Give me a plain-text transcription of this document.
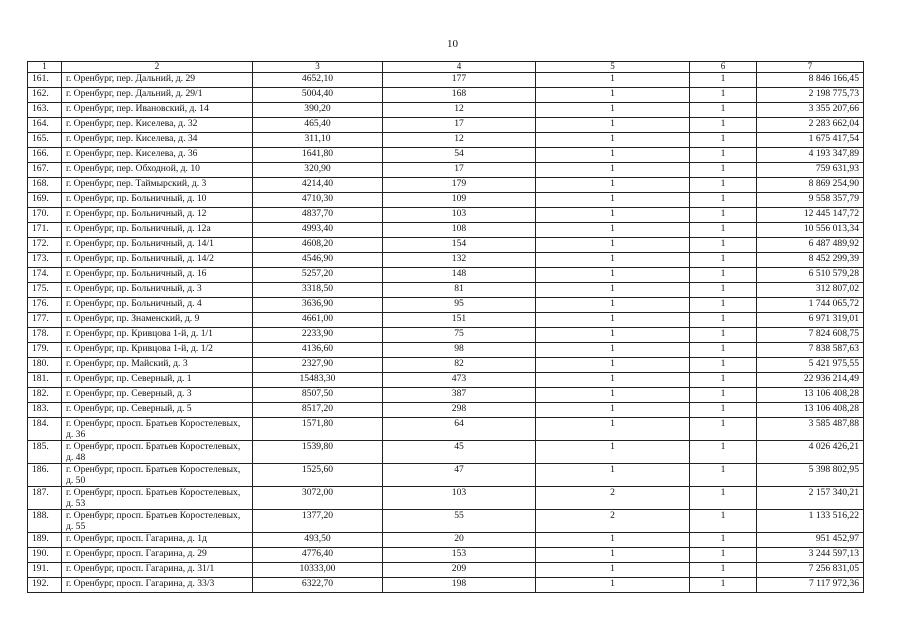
10
1	2	3	4	5	6	7
161.	г. Оренбург, пер. Дальний, д. 29	4652,10	177	1	1	8 846 166,45
162.	г. Оренбург, пер. Дальний, д. 29/1	5004,40	168	1	1	2 198 775,73
163.	г. Оренбург, пер. Ивановский, д. 14	390,20	12	1	1	3 355 207,66
164.	г. Оренбург, пер. Киселева, д. 32	465,40	17	1	1	2 283 662,04
165.	г. Оренбург, пер. Киселева, д. 34	311,10	12	1	1	1 675 417,54
166.	г. Оренбург, пер. Киселева, д. 36	1641,80	54	1	1	4 193 347,89
167.	г. Оренбург, пер. Обходной, д. 10	320,90	17	1	1	759 631,93
168.	г. Оренбург, пер. Таймырский, д. 3	4214,40	179	1	1	8 869 254,90
169.	г. Оренбург, пр. Больничный, д. 10	4710,30	109	1	1	9 558 357,79
170.	г. Оренбург, пр. Больничный, д. 12	4837,70	103	1	1	12 445 147,72
171.	г. Оренбург, пр. Больничный, д. 12а	4993,40	108	1	1	10 556 013,34
172.	г. Оренбург, пр. Больничный, д. 14/1	4608,20	154	1	1	6 487 489,92
173.	г. Оренбург, пр. Больничный, д. 14/2	4546,90	132	1	1	8 452 299,39
174.	г. Оренбург, пр. Больничный, д. 16	5257,20	148	1	1	6 510 579,28
175.	г. Оренбург, пр. Больничный, д. 3	3318,50	81	1	1	312 807,02
176.	г. Оренбург, пр. Больничный, д. 4	3636,90	95	1	1	1 744 065,72
177.	г. Оренбург, пр. Знаменский, д. 9	4661,00	151	1	1	6 971 319,01
178.	г. Оренбург, пр. Кривцова 1-й, д. 1/1	2233,90	75	1	1	7 824 608,75
179.	г. Оренбург, пр. Кривцова 1-й, д. 1/2	4136,60	98	1	1	7 838 587,63
180.	г. Оренбург, пр. Майский, д. 3	2327,90	82	1	1	5 421 975,55
181.	г. Оренбург, пр. Северный, д. 1	15483,30	473	1	1	22 936 214,49
182.	г. Оренбург, пр. Северный, д. 3	8507,50	387	1	1	13 106 408,28
183.	г. Оренбург, пр. Северный, д. 5	8517,20	298	1	1	13 106 408,28
184.	г. Оренбург, просп. Братьев Коростелевых, д. 36	1571,80	64	1	1	3 585 487,88
185.	г. Оренбург, просп. Братьев Коростелевых, д. 48	1539,80	45	1	1	4 026 426,21
186.	г. Оренбург, просп. Братьев Коростелевых, д. 50	1525,60	47	1	1	5 398 802,95
187.	г. Оренбург, просп. Братьев Коростелевых, д. 53	3072,00	103	2	1	2 157 340,21
188.	г. Оренбург, просп. Братьев Коростелевых, д. 55	1377,20	55	2	1	1 133 516,22
189.	г. Оренбург, просп. Гагарина, д. 1д	493,50	20	1	1	951 452,97
190.	г. Оренбург, просп. Гагарина, д. 29	4776,40	153	1	1	3 244 597,13
191.	г. Оренбург, просп. Гагарина, д. 31/1	10333,00	209	1	1	7 256 831,05
192.	г. Оренбург, просп. Гагарина, д. 33/3	6322,70	198	1	1	7 117 972,36
